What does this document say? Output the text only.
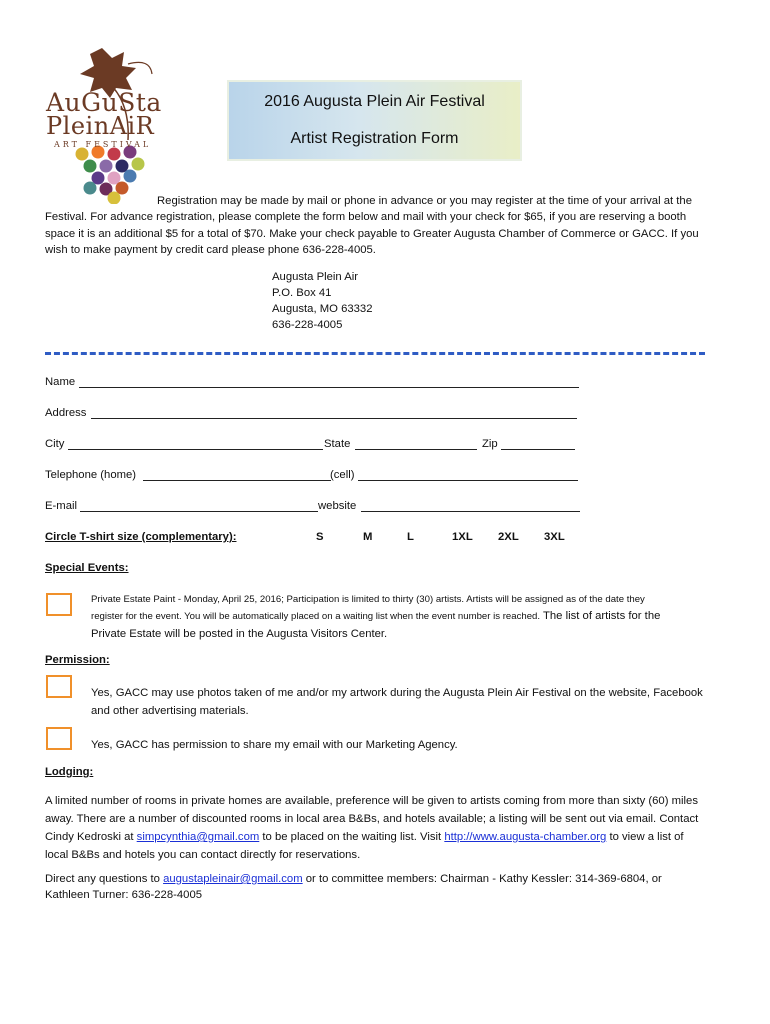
AuGuSta
PleinAiR
ART FESTIVAL
2016 Augusta Plein Air Festival
Artist Registration Form
Registration may be made by mail or phone in advance or you may register at the time of your arrival at the
Festival. For advance registration, please complete the form below and mail with your check for $65, if you are reserving a booth
space it is an additional $5 for a total of $70. Make your check payable to Greater Augusta Chamber of Commerce or GACC. If you
wish to make payment by credit card please phone 636-228-4005.
Augusta Plein Air
P.O. Box 41
Augusta, MO 63332
636-228-4005
Name
Address
City	State	Zip
Telephone (home)	(cell)
E-mail	website
Circle T-shirt size (complementary):	S	M	L	1XL 2XL 3XL
Special Events:
Private Estate Paint - Monday, April 25, 2016; Participation is limited to thirty (30) artists. Artists will be assigned as of the date they
register for the event. You will be automatically placed on a waiting list when the event number is reached. The list of artists for the
Private Estate will be posted in the Augusta Visitors Center.
Permission:
Yes, GACC may use photos taken of me and/or my artwork during the Augusta Plein Air Festival on the website, Facebook
and other advertising materials.
Yes, GACC has permission to share my email with our Marketing Agency.
Lodging:
A limited number of rooms in private homes are available, preference will be given to artists coming from more than sixty (60) miles
away. There are a number of discounted rooms in local area B&Bs, and hotels available; a listing will be sent out via email. Contact
Cindy Kedroski at simpcynthia@gmail.com to be placed on the waiting list. Visit http://www.augusta-chamber.org to view a list of
local B&Bs and hotels you can contact directly for reservations.
Direct any questions to augustapleinair@gmail.com or to committee members: Chairman - Kathy Kessler: 314-369-6804, or
Kathleen Turner: 636-228-4005
